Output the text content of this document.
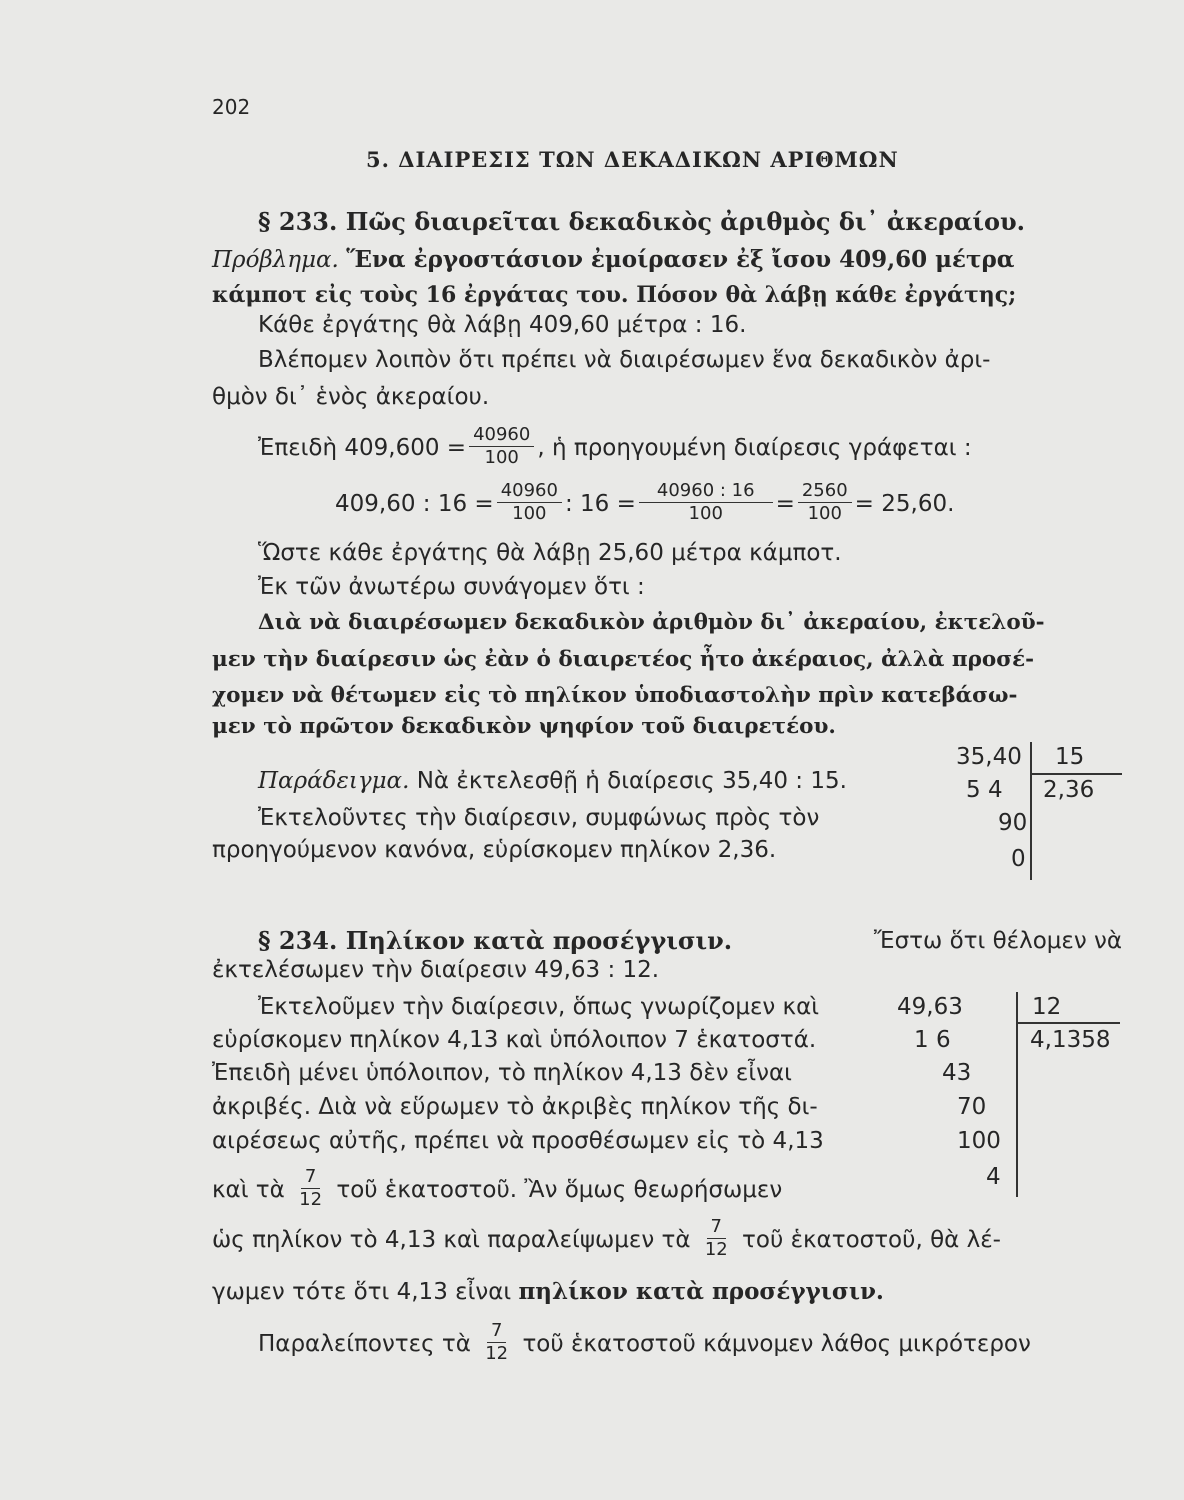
202
5. ΔΙΑΙΡΕΣΙΣ ΤΩΝ ΔΕΚΑΔΙΚΩΝ ΑΡΙΘΜΩΝ
§ 233. Πῶς διαιρεῖται δεκαδικὸς ἀριθμὸς δι᾿ ἀκεραίου.
Πρόβλημα. Ἕνα ἐργοστάσιον ἐμοίρασεν ἐξ ἴσου 409,60 μέτρα
κάμποτ εἰς τοὺς 16 ἐργάτας του. Πόσον θὰ λάβῃ κάθε ἐργάτης;
Κάθε ἐργάτης θὰ λάβῃ 409,60 μέτρα : 16.
Βλέπομεν λοιπὸν ὅτι πρέπει νὰ διαιρέσωμεν ἕνα δεκαδικὸν ἀρι-
θμὸν δι᾿ ἑνὸς ἀκεραίου.
Ἐπειδὴ $409,600 = \frac{40960}{100}$ , ἡ προηγουμένη διαίρεσις γράφεται :
409,60 : $16 = \frac{40960}{100}$ : $16 = \frac{40960 : 16}{100} = \frac{2560}{100} = 25,60$.
Ὥστε κάθε ἐργάτης θὰ λάβῃ 25,60 μέτρα κάμποτ.
Ἐκ τῶν ἀνωτέρω συνάγομεν ὅτι :
Διὰ νὰ διαιρέσωμεν δεκαδικὸν ἀριθμὸν δι᾿ ἀκεραίου, ἐκτελοῦ-
μεν τὴν διαίρεσιν ὡς ἐὰν ὁ διαιρετέος ἦτο ἀκέραιος, ἀλλὰ προσέ-
χομεν νὰ θέτωμεν εἰς τὸ πηλίκον ὑποδιαστολὴν πρὶν κατεβάσω-
μεν τὸ πρῶτον δεκαδικὸν ψηφίον τοῦ διαιρετέου.
Παράδειγμα. Νὰ ἐκτελεσθῇ ἡ διαίρεσις 35,40 : 15.
Ἐκτελοῦντες τὴν διαίρεσιν, συμφώνως πρὸς τὸν
προηγούμενον κανόνα, εὑρίσκομεν πηλίκον 2,36.
35,40 15
2,36
5 4
90
0
§ 234. Πηλίκον κατὰ προσέγγισιν.	Ἔστω ὅτι θέλομεν νὰ
ἐκτελέσωμεν τὴν διαίρεσιν 49,63 : 12.
Ἐκτελοῦμεν τὴν διαίρεσιν, ὅπως γνωρίζομεν καὶ
εὑρίσκομεν πηλίκον 4,13 καὶ ὑπόλοιπον 7 ἑκατοστά.
Ἐπειδὴ μένει ὑπόλοιπον, τὸ πηλίκον 4,13 δὲν εἶναι
ἀκριβές. Διὰ νὰ εὕρωμεν τὸ ἀκριβὲς πηλίκον τῆς δι-
αιρέσεως αὐτῆς, πρέπει νὰ προσθέσωμεν εἰς τὸ 4,13
καὶ τὰ $\frac{7}{12}$ τοῦ ἑκατοστοῦ. Ἂν ὅμως θεωρήσωμεν
49,63	12
4,1358
1 6
43
70
100
4
ὡς πηλίκον τὸ 4,13 καὶ παραλείψωμεν τὰ $\frac{7}{12}$ τοῦ ἑκατοστοῦ, θὰ λέ-
γωμεν τότε ὅτι 4,13 εἶναι πηλίκον κατὰ προσέγγισιν.
Παραλείποντες τὰ $\frac{7}{12}$ τοῦ ἑκατοστοῦ κάμνομεν λάθος μικρότερον
